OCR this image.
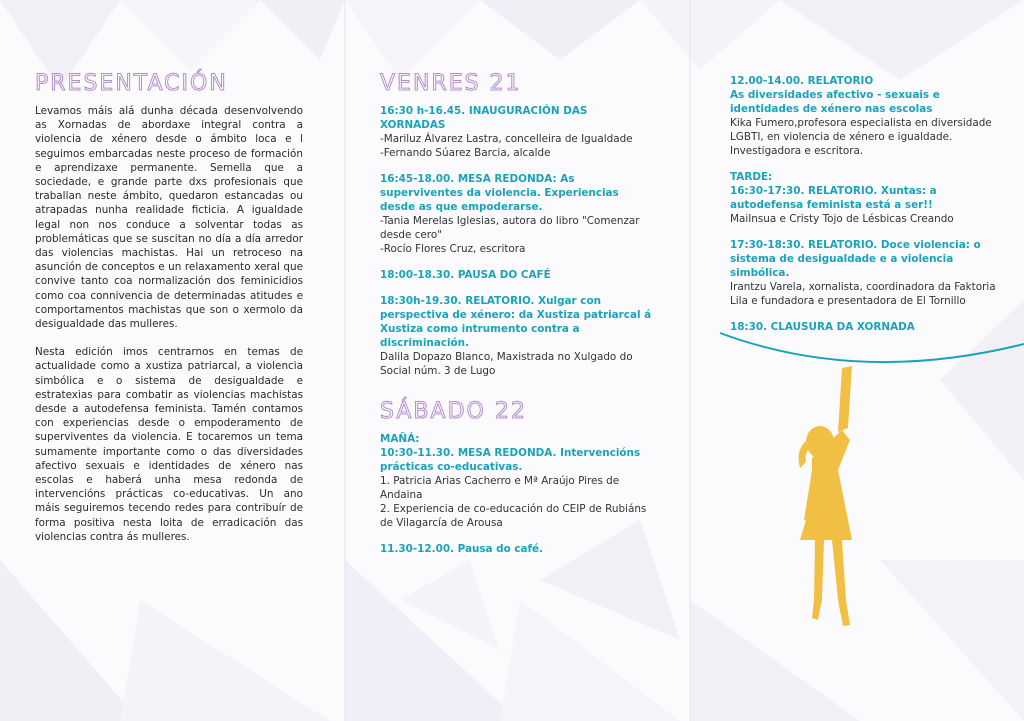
PRESENTACIÓN

Levamos máis alá dunha década desenvolvendo as Xornadas de abordaxe integral contra a violencia de xénero desde o ámbito loca e l seguimos embarcadas neste proceso de formación e aprendizaxe permanente. Semella que a sociedade, e grande parte dxs profesionais que traballan neste ámbito, quedaron estancadas ou atrapadas nunha realidade ficticia. A igualdade legal non nos conduce a solventar todas as problemáticas que se suscitan no día a día arredor das violencias machistas. Hai un retroceso na asunción de conceptos e un relaxamento xeral que convive tanto coa normalización dos feminicidios como coa connivencia de determinadas atitudes e comportamentos machistas que son o xermolo da desigualdade das mulleres.

Nesta edición imos centrarnos en temas de actualidade como a xustiza patriarcal, a violencia simbólica e o sistema de desigualdade e estratexias para combatir as violencias machistas desde a autodefensa feminista. Tamén contamos con experiencias desde o empoderamento de superviventes da violencia. E tocaremos un tema sumamente importante como o das diversidades afectivo sexuais e identidades de xénero nas escolas e haberá unha mesa redonda de intervencións prácticas co-educativas. Un ano máis seguiremos tecendo redes para contribuír de forma positiva nesta loita de erradicación das violencias contra ás mulleres.

VENRES 21

16:30 h-16.45. INAUGURACIÓN DAS XORNADAS

-Mariluz Álvarez Lastra, concelleira de Igualdade

-Fernando Súarez Barcia, alcalde

16:45-18.00. MESA REDONDA: As superviventes da violencia. Experiencias desde as que empoderarse.

-Tania Merelas Iglesias, autora do libro "Comenzar desde cero"

-Rocío Flores Cruz, escritora

18:00-18.30. PAUSA DO CAFÉ

18:30h-19.30. RELATORIO. Xulgar con perspectiva de xénero: da Xustiza patriarcal á Xustiza como intrumento contra a discriminación.

Dalila Dopazo Blanco, Maxistrada no Xulgado do Social núm. 3 de Lugo

SÁBADO 22

MAÑÁ:

10:30-11.30. MESA REDONDA. Intervencións prácticas co-educativas.

1. Patricia Arias Cacherro e Mª Araújo Pires de Andaina

2. Experiencia de co-educación do CEIP de Rubiáns de Vilagarcía de Arousa

11.30-12.00. Pausa do café.

12.00-14.00. RELATORIO
As diversidades afectivo - sexuais e identidades de xénero nas escolas

Kika Fumero,profesora especialista en diversidade LGBTI, en violencia de xénero e igualdade. Investigadora e escritora.

TARDE:
16:30-17:30. RELATORIO. Xuntas: a autodefensa feminista está a ser!!

MaiInsua e Cristy Tojo de Lésbicas Creando

17:30-18:30. RELATORIO. Doce violencia: o sistema de desigualdade e a violencia simbólica.

Irantzu Varela, xornalista, coordinadora da Faktoria Lila e fundadora e presentadora de El Tornillo

18:30. CLAUSURA DA XORNADA
